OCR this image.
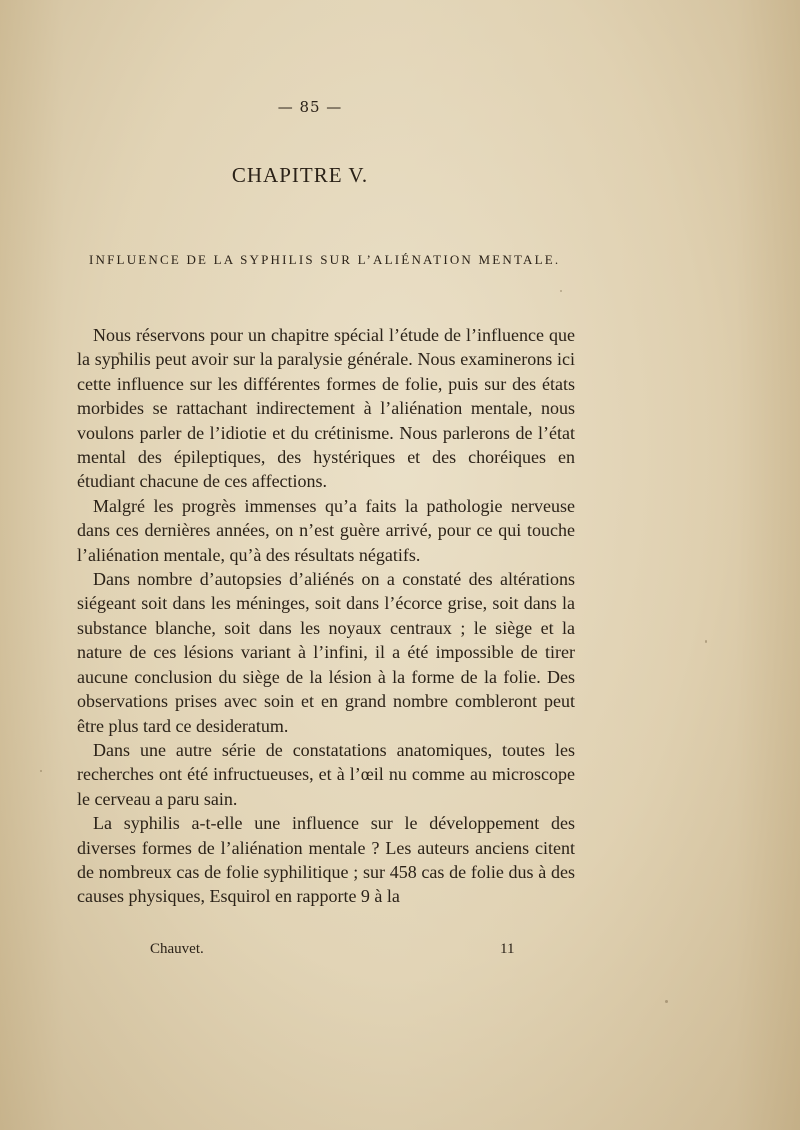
— 85 —
CHAPITRE V.
INFLUENCE DE LA SYPHILIS SUR L’ALIÉNATION MENTALE.

Nous réservons pour un chapitre spécial l’étude de l’influence que la syphilis peut avoir sur la paralysie générale. Nous examinerons ici cette influence sur les différentes formes de folie, puis sur des états morbides se rattachant indirectement à l’aliénation mentale, nous voulons parler de l’idiotie et du crétinisme. Nous parlerons de l’état mental des épileptiques, des hystériques et des choréiques en étudiant chacune de ces affections.

Malgré les progrès immenses qu’a faits la pathologie nerveuse dans ces dernières années, on n’est guère arrivé, pour ce qui touche l’aliénation mentale, qu’à des résultats négatifs.

Dans nombre d’autopsies d’aliénés on a constaté des altérations siégeant soit dans les méninges, soit dans l’écorce grise, soit dans la substance blanche, soit dans les noyaux centraux ; le siège et la nature de ces lésions variant à l’infini, il a été impossible de tirer aucune conclusion du siège de la lésion à la forme de la folie. Des observations prises avec soin et en grand nombre combleront peut être plus tard ce desideratum.

Dans une autre série de constatations anatomiques, toutes les recherches ont été infructueuses, et à l’œil nu comme au microscope le cerveau a paru sain.

La syphilis a-t-elle une influence sur le développement des diverses formes de l’aliénation mentale ? Les auteurs anciens citent de nombreux cas de folie syphilitique ; sur 458 cas de folie dus à des causes physiques, Esquirol en rapporte 9 à la

Chauvet.	11
